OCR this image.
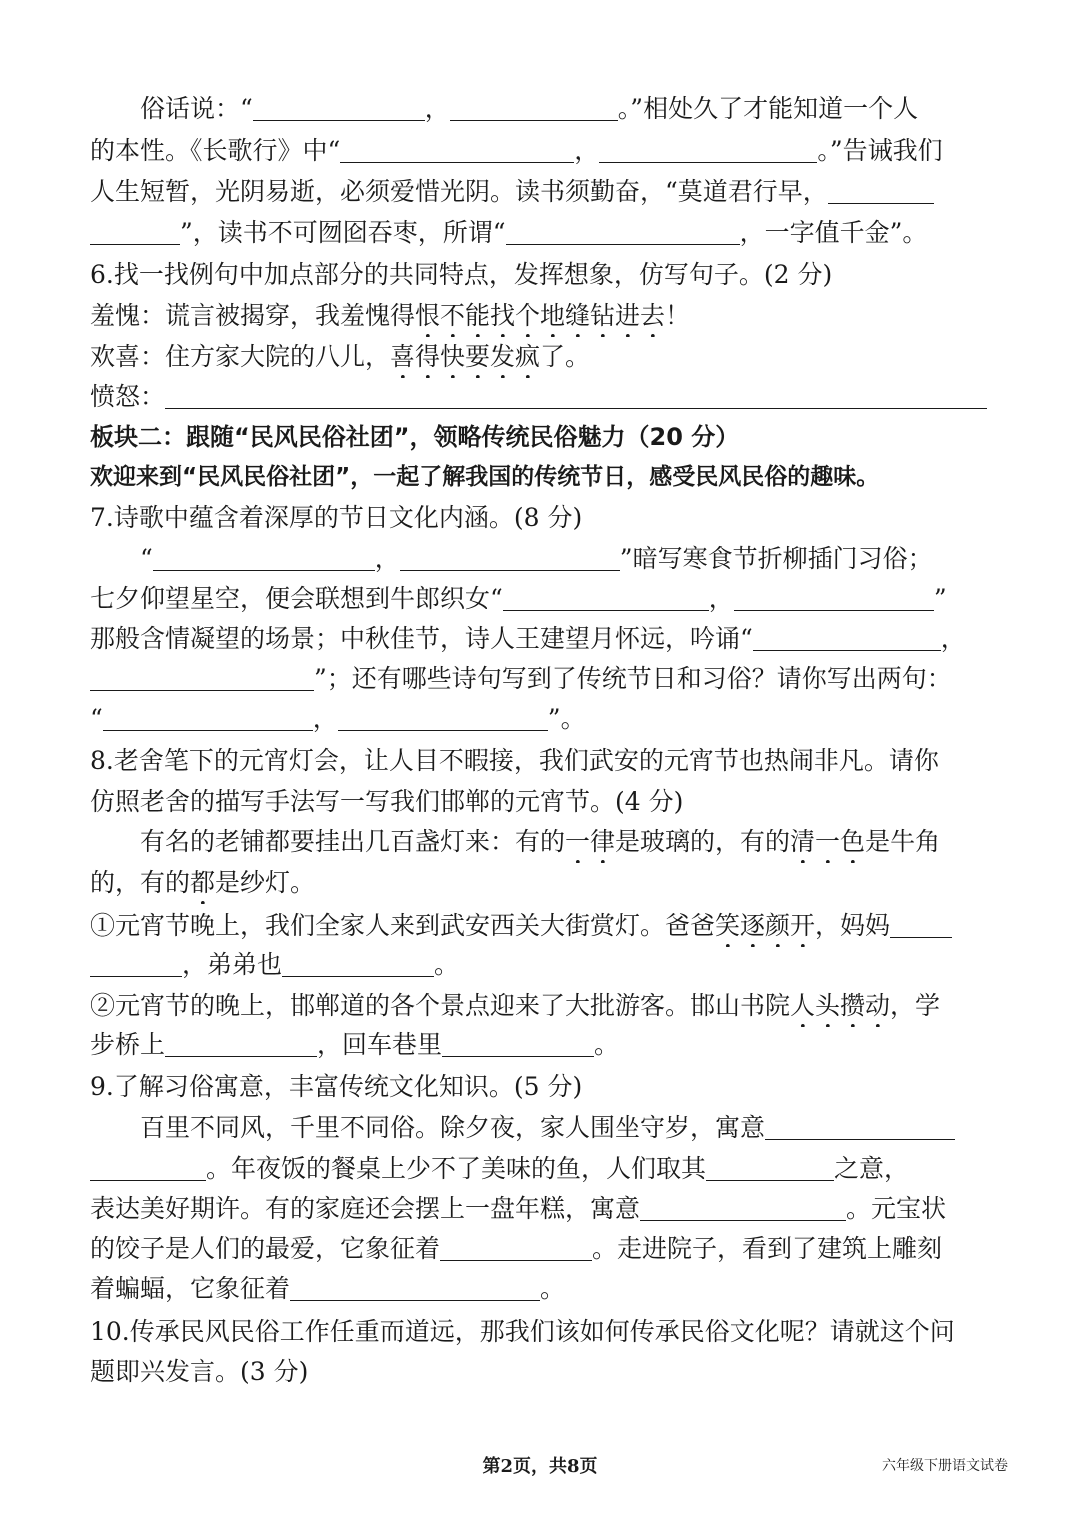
俗话说：“	，	。”相处久了才能知道一个人
的本性。《长歌行》中“	，	。”告诫我们
人生短暂，光阴易逝，必须爱惜光阴。读书须勤奋，“莫道君行早，
”，读书不可囫囵吞枣，所谓“	，一字值千金”。
6.找一找例句中加点部分的共同特点，发挥想象，仿写句子。(2 分)
羞愧：谎言被揭穿，我羞愧得恨不能找个地缝钻进去！
欢喜：住方家大院的八儿，喜得快要发疯了。
愤怒：
板块二：跟随“民风民俗社团”，领略传统民俗魅力（20 分）
欢迎来到“民风民俗社团”，一起了解我国的传统节日，感受民风民俗的趣味。
7.诗歌中蕴含着深厚的节日文化内涵。(8 分)
“	，	”暗写寒食节折柳插门习俗；
七夕仰望星空，便会联想到牛郎织女“	，	”
那般含情凝望的场景；中秋佳节，诗人王建望月怀远，吟诵“	，
”；还有哪些诗句写到了传统节日和习俗？请你写出两句：
“	，	”。
8.老舍笔下的元宵灯会，让人目不暇接，我们武安的元宵节也热闹非凡。请你
仿照老舍的描写手法写一写我们邯郸的元宵节。(4 分)
有名的老铺都要挂出几百盏灯来：有的一律是玻璃的，有的清一色是牛角
的，有的都是纱灯。
①元宵节晚上，我们全家人来到武安西关大街赏灯。爸爸笑逐颜开，妈妈
，弟弟也	。
②元宵节的晚上，邯郸道的各个景点迎来了大批游客。邯山书院人头攒动，学
步桥上	，回车巷里	。
9.了解习俗寓意，丰富传统文化知识。(5 分)
百里不同风，千里不同俗。除夕夜，家人围坐守岁，寓意
。年夜饭的餐桌上少不了美味的鱼，人们取其	之意，
表达美好期许。有的家庭还会摆上一盘年糕，寓意	。元宝状
的饺子是人们的最爱，它象征着	。走进院子，看到了建筑上雕刻
着蝙蝠，它象征着	。
10.传承民风民俗工作任重而道远，那我们该如何传承民俗文化呢？请就这个问
题即兴发言。(3 分)
第2页，共8页	六年级下册语文试卷
